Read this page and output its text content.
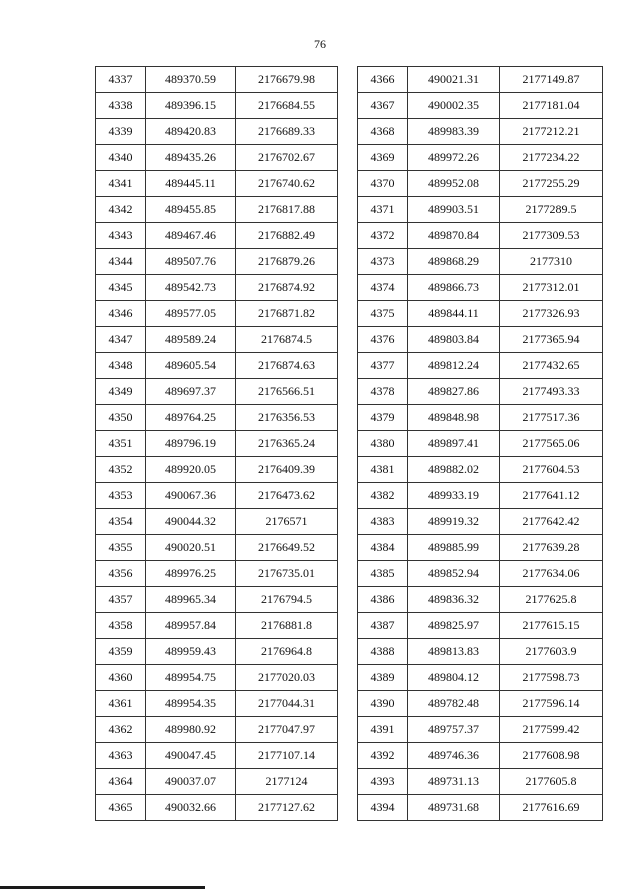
76
4337	489370.59	2176679.98
4338	489396.15	2176684.55
4339	489420.83	2176689.33
4340	489435.26	2176702.67
4341	489445.11	2176740.62
4342	489455.85	2176817.88
4343	489467.46	2176882.49
4344	489507.76	2176879.26
4345	489542.73	2176874.92
4346	489577.05	2176871.82
4347	489589.24	2176874.5
4348	489605.54	2176874.63
4349	489697.37	2176566.51
4350	489764.25	2176356.53
4351	489796.19	2176365.24
4352	489920.05	2176409.39
4353	490067.36	2176473.62
4354	490044.32	2176571
4355	490020.51	2176649.52
4356	489976.25	2176735.01
4357	489965.34	2176794.5
4358	489957.84	2176881.8
4359	489959.43	2176964.8
4360	489954.75	2177020.03
4361	489954.35	2177044.31
4362	489980.92	2177047.97
4363	490047.45	2177107.14
4364	490037.07	2177124
4365	490032.66	2177127.62
4366	490021.31	2177149.87
4367	490002.35	2177181.04
4368	489983.39	2177212.21
4369	489972.26	2177234.22
4370	489952.08	2177255.29
4371	489903.51	2177289.5
4372	489870.84	2177309.53
4373	489868.29	2177310
4374	489866.73	2177312.01
4375	489844.11	2177326.93
4376	489803.84	2177365.94
4377	489812.24	2177432.65
4378	489827.86	2177493.33
4379	489848.98	2177517.36
4380	489897.41	2177565.06
4381	489882.02	2177604.53
4382	489933.19	2177641.12
4383	489919.32	2177642.42
4384	489885.99	2177639.28
4385	489852.94	2177634.06
4386	489836.32	2177625.8
4387	489825.97	2177615.15
4388	489813.83	2177603.9
4389	489804.12	2177598.73
4390	489782.48	2177596.14
4391	489757.37	2177599.42
4392	489746.36	2177608.98
4393	489731.13	2177605.8
4394	489731.68	2177616.69
